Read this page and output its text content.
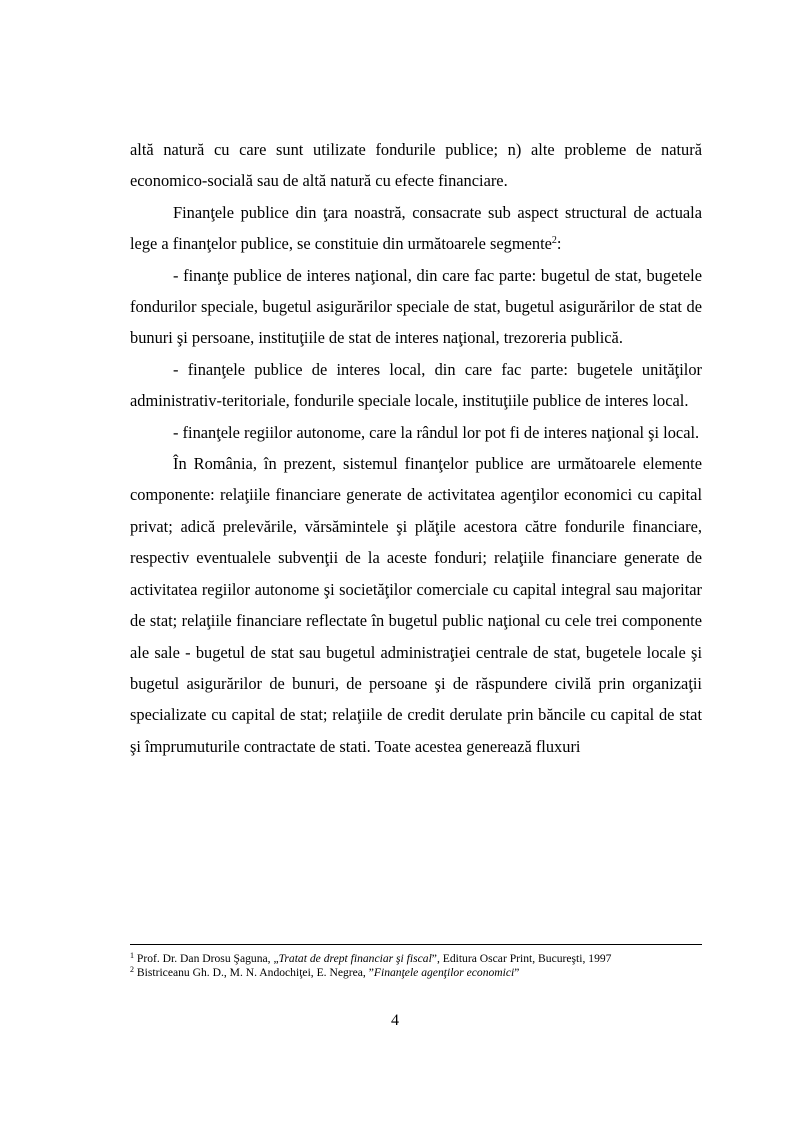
altă natură cu care sunt utilizate fondurile publice; n) alte probleme de natură economico-socială sau de altă natură cu efecte financiare.

Finanţele publice din ţara noastră, consacrate sub aspect structural de actuala lege a finanţelor publice, se constituie din următoarele segmente$^2$:

- finanţe publice de interes naţional, din care fac parte: bugetul de stat, bugetele fondurilor speciale, bugetul asigurărilor speciale de stat, bugetul asigurărilor de stat de bunuri şi persoane, instituţiile de stat de interes naţional, trezoreria publică.

- finanţele publice de interes local, din care fac parte: bugetele unităţilor administrativ-teritoriale, fondurile speciale locale, instituţiile publice de interes local.

- finanţele regiilor autonome, care la rândul lor pot fi de interes naţional şi local.

În România, în prezent, sistemul finanţelor publice are următoarele elemente componente: relaţiile financiare generate de activitatea agenţilor economici cu capital privat; adică prelevările, vărsămintele şi plăţile acestora către fondurile financiare, respectiv eventualele subvenţii de la aceste fonduri; relaţiile financiare generate de activitatea regiilor autonome şi societăţilor comerciale cu capital integral sau majoritar de stat; relaţiile financiare reflectate în bugetul public naţional cu cele trei componente ale sale - bugetul de stat sau bugetul administraţiei centrale de stat, bugetele locale şi bugetul asigurărilor de bunuri, de persoane şi de răspundere civilă prin organizaţii specializate cu capital de stat; relaţiile de credit derulate prin băncile cu capital de stat şi împrumuturile contractate de stati. Toate acestea generează fluxuri

$^1$ Prof. Dr. Dan Drosu Şaguna, „Tratat de drept financiar şi fiscal”, Editura Oscar Print, Bucureşti, 1997
$^2$ Bistriceanu Gh. D., M. N. Andochiţei, E. Negrea, ”Finanţele agenţilor economici”
4
